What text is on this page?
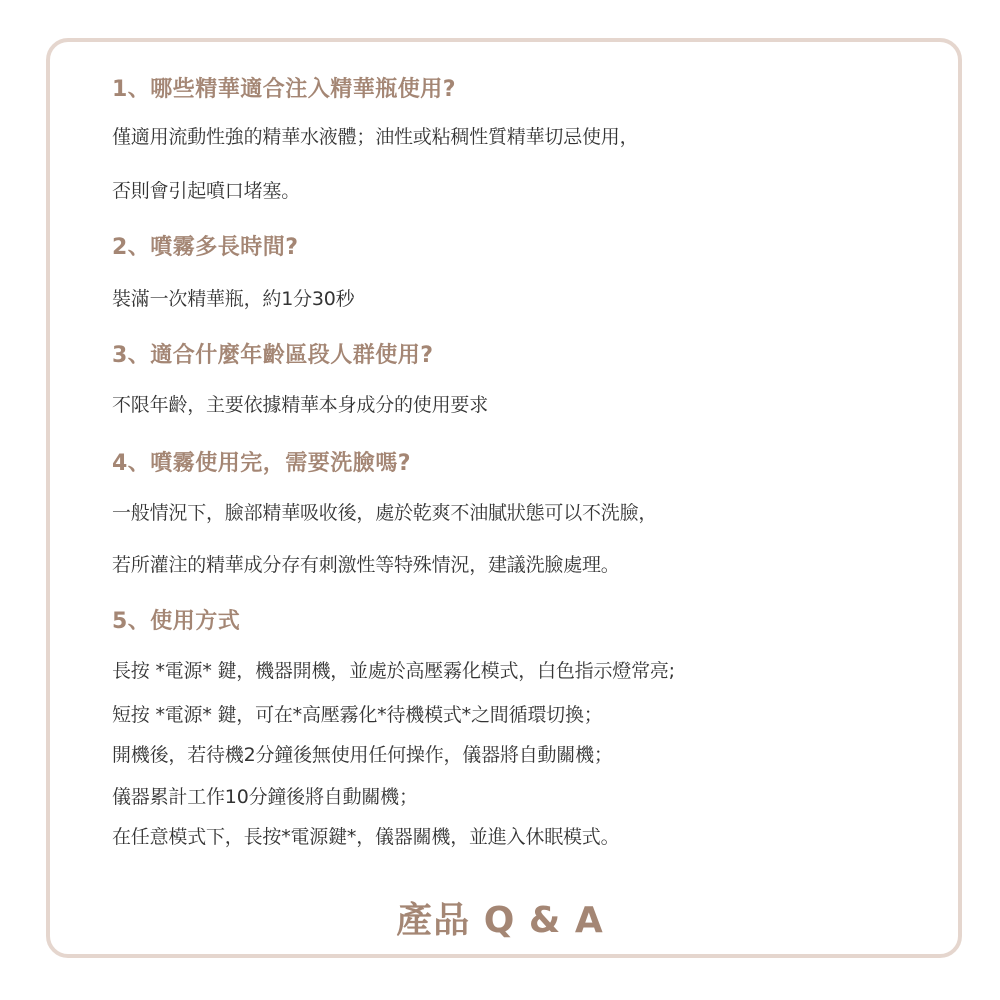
1、哪些精華適合注入精華瓶使用?

僅適用流動性強的精華水液體；油性或粘稠性質精華切忌使用，

否則會引起噴口堵塞。

2、噴霧多長時間?

裝滿一次精華瓶，約1分30秒

3、適合什麼年齡區段人群使用?

不限年齡，主要依據精華本身成分的使用要求

4、噴霧使用完，需要洗臉嗎?

一般情況下，臉部精華吸收後，處於乾爽不油膩狀態可以不洗臉，

若所灌注的精華成分存有刺激性等特殊情況，建議洗臉處理。

5、使用方式

長按 *電源* 鍵，機器開機，並處於高壓霧化模式，白色指示燈常亮;

短按 *電源* 鍵，可在*高壓霧化*待機模式*之間循環切換；

開機後，若待機2分鐘後無使用任何操作，儀器將自動關機；

儀器累計工作10分鐘後將自動關機；

在任意模式下，長按*電源鍵*，儀器關機，並進入休眠模式。

產品 Q & A
